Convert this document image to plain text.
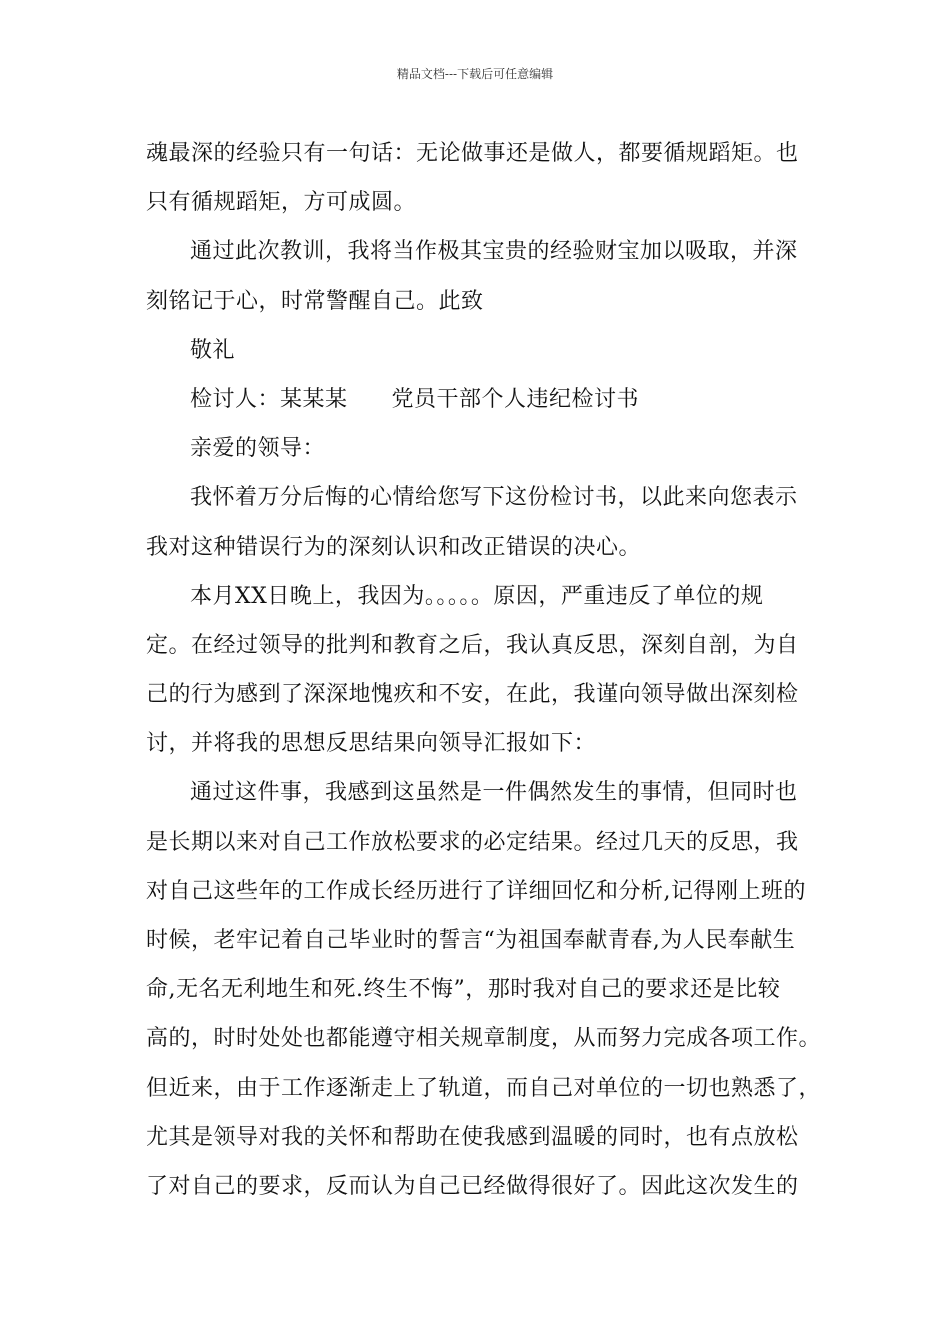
精品文档---下载后可任意编辑
魂最深的经验只有一句话：无论做事还是做人，都要循规蹈矩。也
只有循规蹈矩，方可成圆。
通过此次教训，我将当作极其宝贵的经验财宝加以吸取，并深
刻铭记于心，时常警醒自己。此致
敬礼
检讨人：某某某 党员干部个人违纪检讨书
亲爱的领导：
我怀着万分后悔的心情给您写下这份检讨书，以此来向您表示
我对这种错误行为的深刻认识和改正错误的决心。
本月XX日晚上，我因为。。。。。原因，严重违反了单位的规
定。在经过领导的批判和教育之后，我认真反思，深刻自剖，为自
己的行为感到了深深地愧疚和不安，在此，我谨向领导做出深刻检
讨，并将我的思想反思结果向领导汇报如下：
通过这件事，我感到这虽然是一件偶然发生的事情，但同时也
是长期以来对自己工作放松要求的必定结果。经过几天的反思，我
对自己这些年的工作成长经历进行了详细回忆和分析,记得刚上班的
时候，老牢记着自己毕业时的誓言“为祖国奉献青春,为人民奉献生
命,无名无利地生和死.终生不悔”，那时我对自己的要求还是比较
高的，时时处处也都能遵守相关规章制度，从而努力完成各项工作。
但近来，由于工作逐渐走上了轨道，而自己对单位的一切也熟悉了，
尤其是领导对我的关怀和帮助在使我感到温暖的同时，也有点放松
了对自己的要求，反而认为自己已经做得很好了。因此这次发生的
